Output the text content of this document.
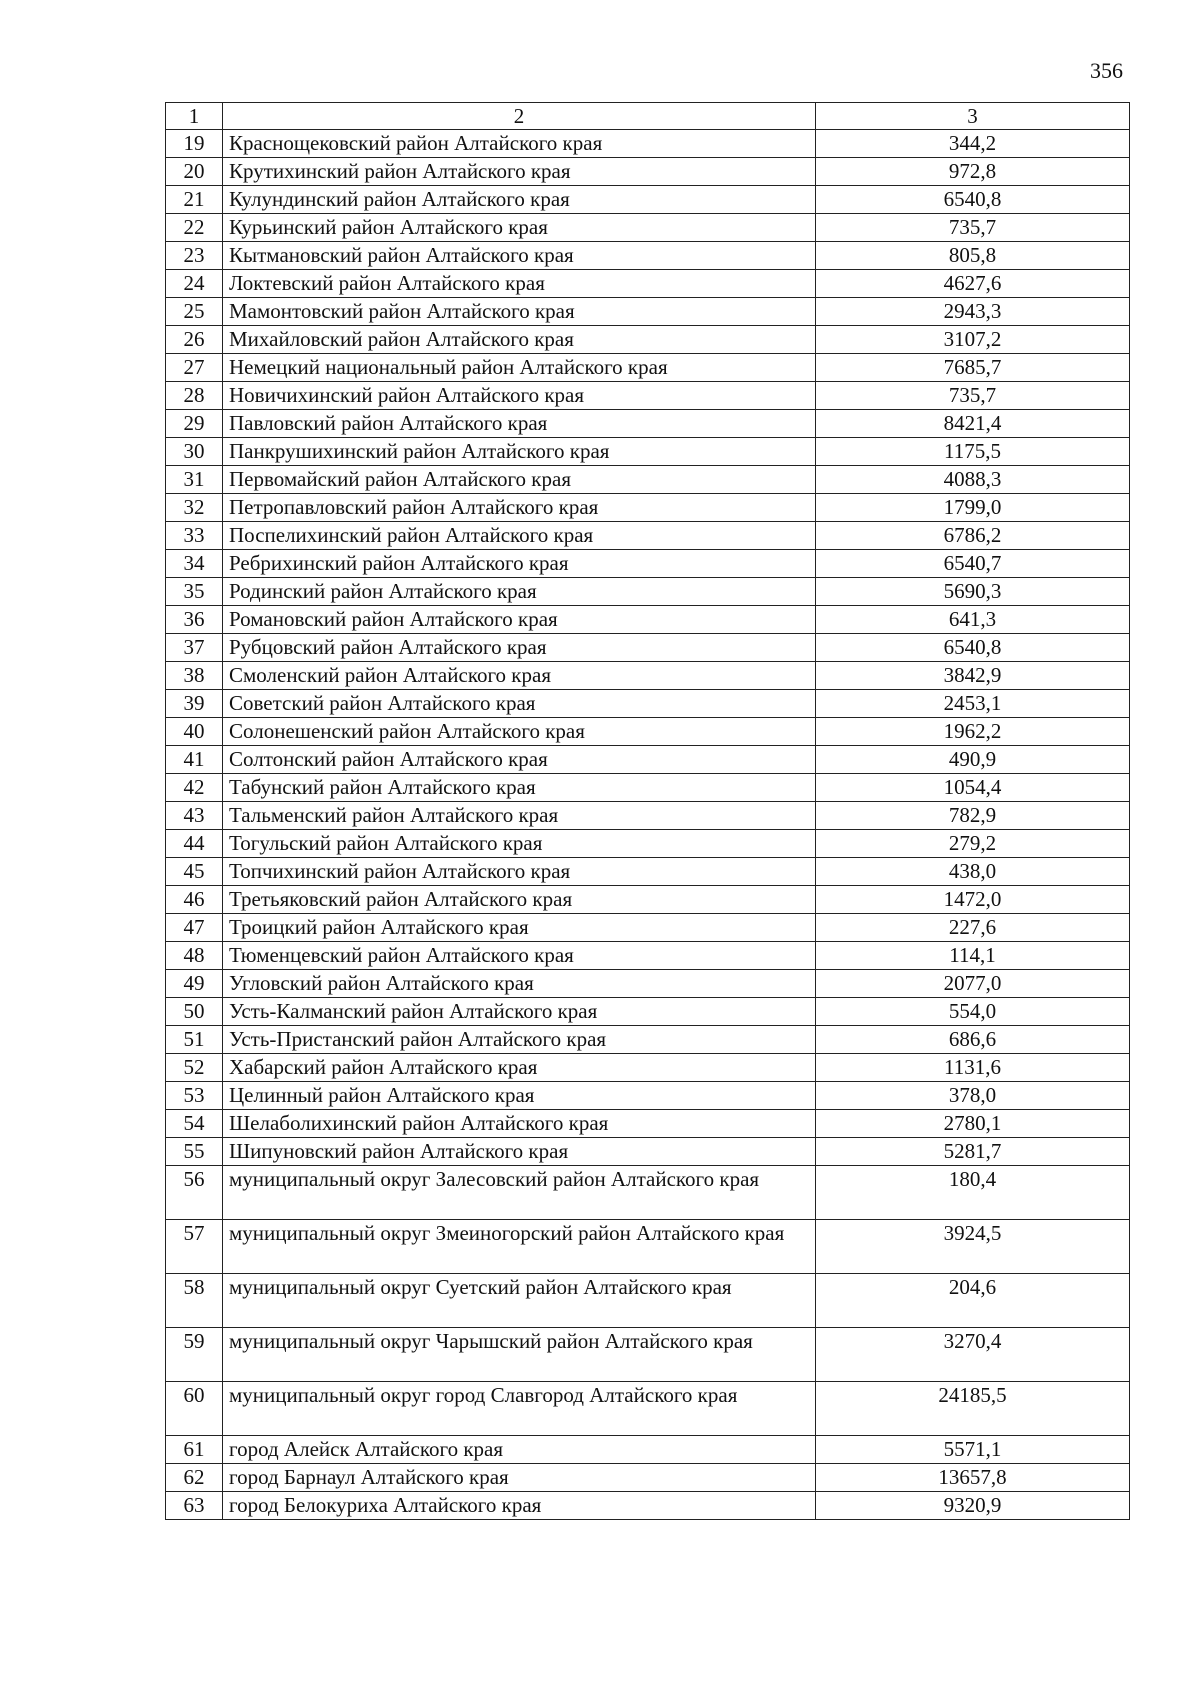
356
1	2	3
19	Краснощековский район Алтайского края	344,2
20	Крутихинский район Алтайского края	972,8
21	Кулундинский район Алтайского края	6540,8
22	Курьинский район Алтайского края	735,7
23	Кытмановский район Алтайского края	805,8
24	Локтевский район Алтайского края	4627,6
25	Мамонтовский район Алтайского края	2943,3
26	Михайловский район Алтайского края	3107,2
27	Немецкий национальный район Алтайского края	7685,7
28	Новичихинский район Алтайского края	735,7
29	Павловский район Алтайского края	8421,4
30	Панкрушихинский район Алтайского края	1175,5
31	Первомайский район Алтайского края	4088,3
32	Петропавловский район Алтайского края	1799,0
33	Поспелихинский район Алтайского края	6786,2
34	Ребрихинский район Алтайского края	6540,7
35	Родинский район Алтайского края	5690,3
36	Романовский район Алтайского края	641,3
37	Рубцовский район Алтайского края	6540,8
38	Смоленский район Алтайского края	3842,9
39	Советский район Алтайского края	2453,1
40	Солонешенский район Алтайского края	1962,2
41	Солтонский район Алтайского края	490,9
42	Табунский район Алтайского края	1054,4
43	Тальменский район Алтайского края	782,9
44	Тогульский район Алтайского края	279,2
45	Топчихинский район Алтайского края	438,0
46	Третьяковский район Алтайского края	1472,0
47	Троицкий район Алтайского края	227,6
48	Тюменцевский район Алтайского края	114,1
49	Угловский район Алтайского края	2077,0
50	Усть-Калманский район Алтайского края	554,0
51	Усть-Пристанский район Алтайского края	686,6
52	Хабарский район Алтайского края	1131,6
53	Целинный район Алтайского края	378,0
54	Шелаболихинский район Алтайского края	2780,1
55	Шипуновский район Алтайского края	5281,7
56	муниципальный округ Залесовский район Алтайского края	180,4
57	муниципальный округ Змеиногорский район Алтайского края	3924,5
58	муниципальный округ Суетский район Алтайского края	204,6
59	муниципальный округ Чарышский район Алтайского края	3270,4
60	муниципальный округ город Славгород Алтайского края	24185,5
61	город Алейск Алтайского края	5571,1
62	город Барнаул Алтайского края	13657,8
63	город Белокуриха Алтайского края	9320,9
